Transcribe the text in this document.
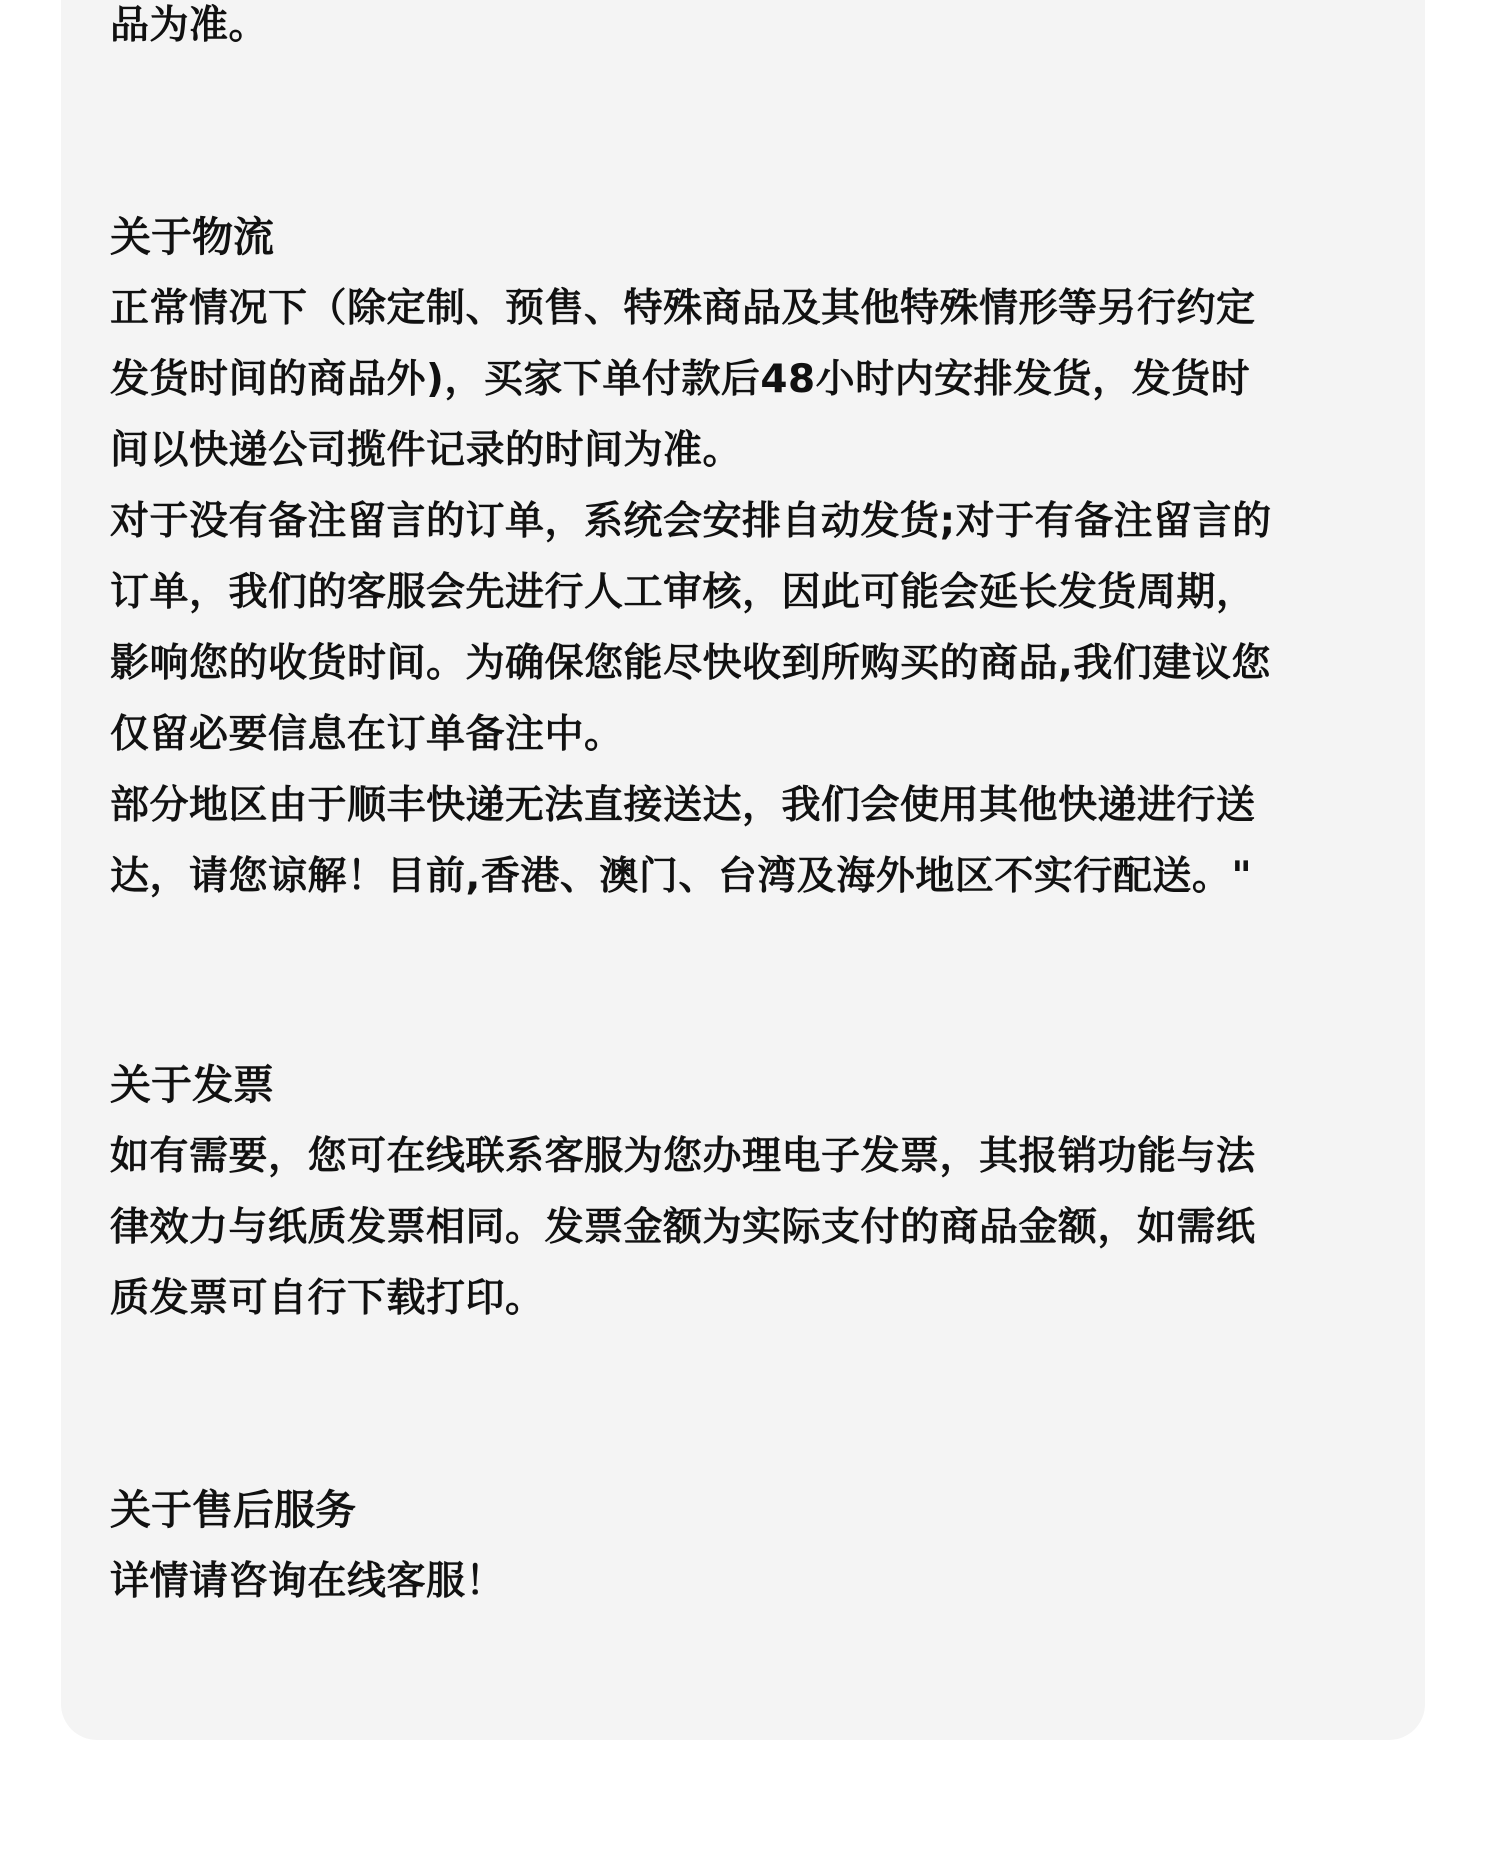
品为准。

关于物流

正常情况下（除定制、预售、特殊商品及其他特殊情形等另行约定

发货时间的商品外)，买家下单付款后48小时内安排发货，发货时

间以快递公司揽件记录的时间为准。

对于没有备注留言的订单，系统会安排自动发货;对于有备注留言的

订单，我们的客服会先进行人工审核，因此可能会延长发货周期，

影响您的收货时间。为确保您能尽快收到所购买的商品,我们建议您

仅留必要信息在订单备注中。

部分地区由于顺丰快递无法直接送达，我们会使用其他快递进行送

达，请您谅解！目前,香港、澳门、台湾及海外地区不实行配送。"

关于发票

如有需要，您可在线联系客服为您办理电子发票，其报销功能与法

律效力与纸质发票相同。发票金额为实际支付的商品金额，如需纸

质发票可自行下载打印。

关于售后服务

详情请咨询在线客服！
